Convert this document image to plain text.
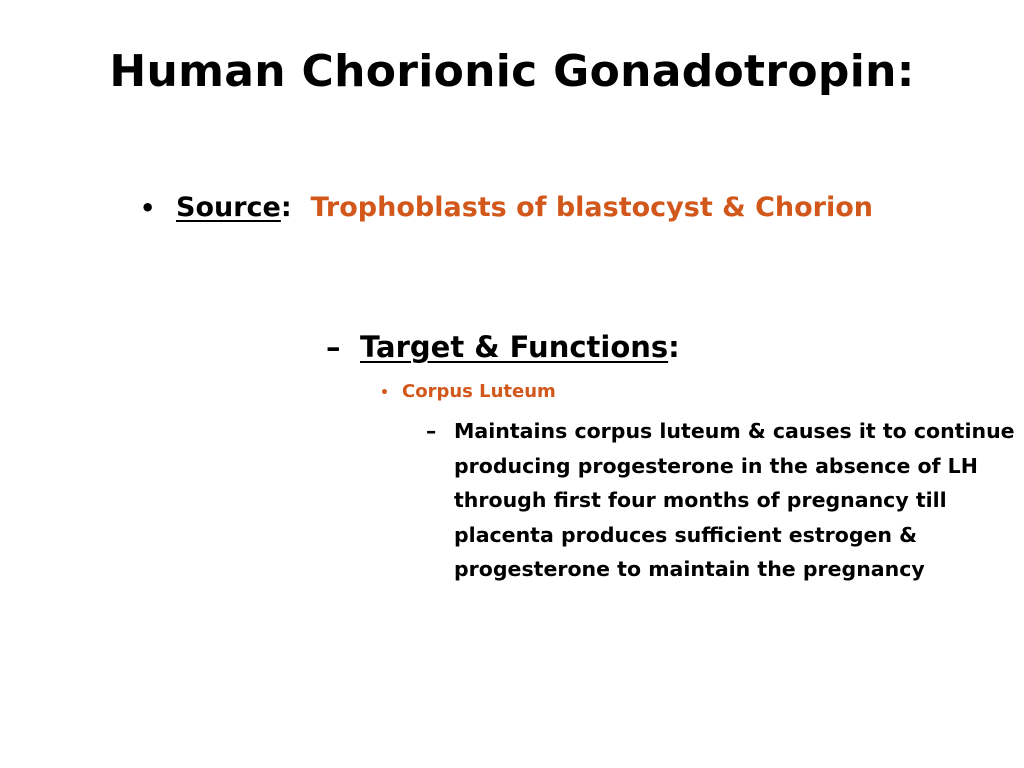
Human Chorionic Gonadotropin:
• Source: Trophoblasts of blastocyst & Chorion
– Target & Functions:
• Corpus Luteum
– Maintains corpus luteum & causes it to continue producing progesterone in the absence of LH through first four months of pregnancy till placenta produces sufficient estrogen & progesterone to maintain the pregnancy
